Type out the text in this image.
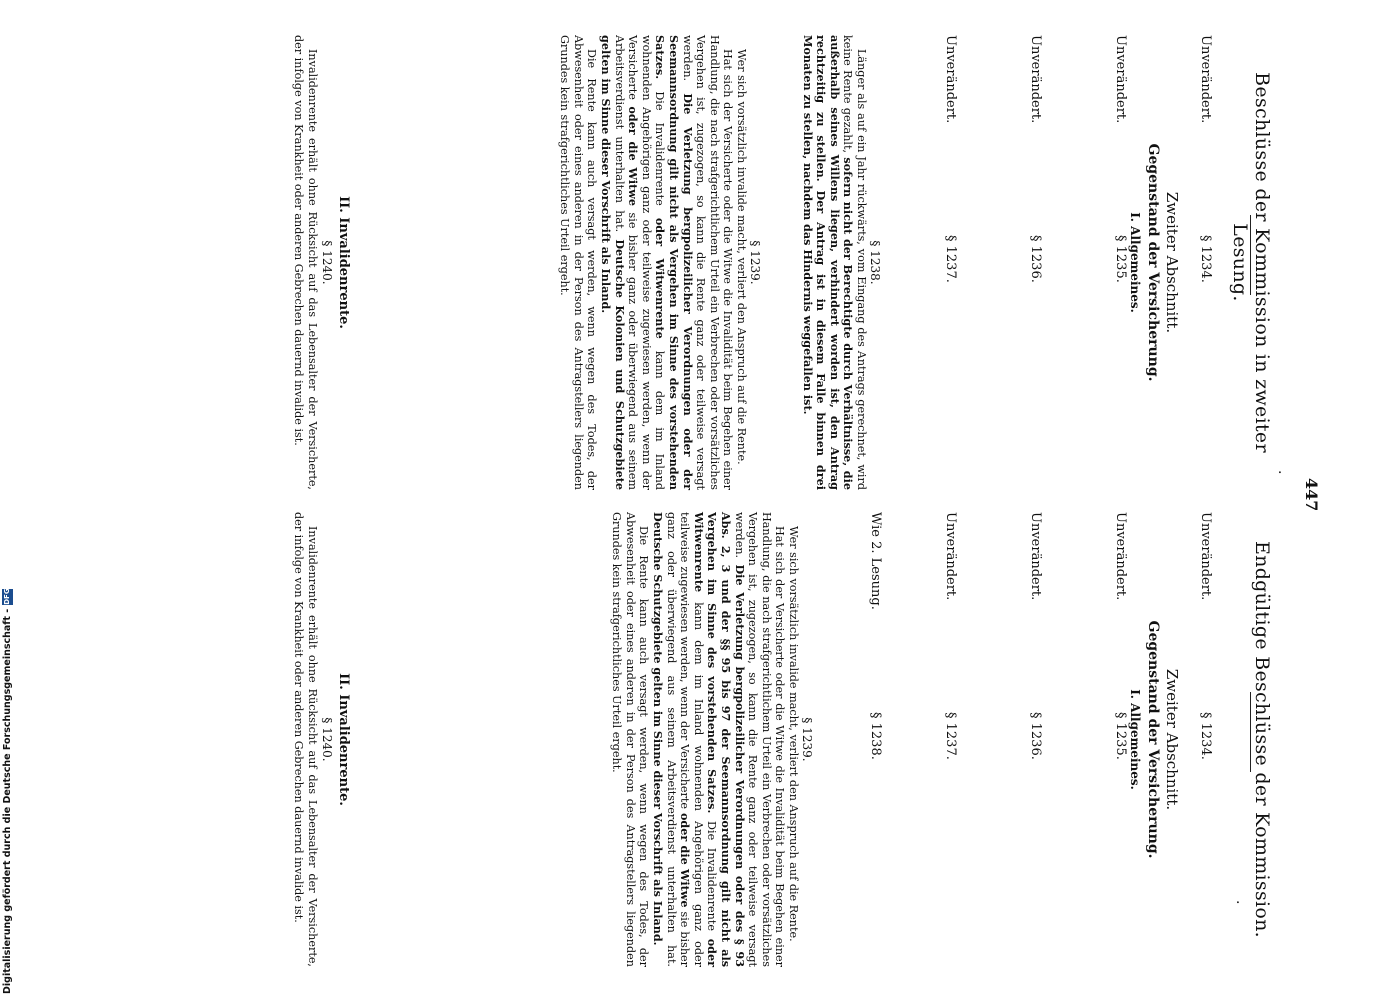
447
·
Beschlüsse der Kommission in zweiter Lesung.
Unverändert.
§ 1234.
Zweiter Abschnitt.
Gegenstand der Versicherung.
I. Allgemeines.
Unverändert.
§ 1235.
Unverändert.
§ 1236.
Unverändert.
§ 1237.
§ 1238.
Länger als auf ein Jahr rückwärts, vom Eingang des Antrags gerechnet, wird keine Rente gezahlt, sofern nicht der Berechtigte durch Verhältnisse, die außerhalb seines Willens liegen, verhindert worden ist, den Antrag rechtzeitig zu stellen. Der Antrag ist in diesem Falle binnen drei Monaten zu stellen, nachdem das Hindernis weggefallen ist.
§ 1239.
Wer sich vorsätzlich invalide macht, verliert den Anspruch auf die Rente.
Hat sich der Versicherte oder die Witwe die Invalidität beim Begehen einer Handlung, die nach strafgerichtlichem Urteil ein Verbrechen oder vorsätzliches Vergehen ist, zugezogen, so kann die Rente ganz oder teilweise versagt werden. Die Verletzung bergpolizeilicher Verordnungen oder der Seemannsordnung gilt nicht als Vergehen im Sinne des vorstehenden Satzes. Die Invalidenrente oder Witwenrente kann dem im Inland wohnenden Angehörigen ganz oder teilweise zugewiesen werden, wenn der Versicherte oder die Witwe sie bisher ganz oder überwiegend aus seinem Arbeitsverdienst unterhalten hat. Deutsche Kolonien und Schutzgebiete gelten im Sinne dieser Vorschrift als Inland.
Die Rente kann auch versagt werden, wenn wegen des Todes, der Abwesenheit oder eines anderen in der Person des Antragstellers liegenden Grundes kein strafgerichtliches Urteil ergeht.
II. Invalidenrente.
§ 1240.
Invalidenrente erhält ohne Rücksicht auf das Lebensalter der Versicherte, der infolge von Krankheit oder anderen Gebrechen dauernd invalide ist.
Endgültige Beschlüsse der Kommission.
Unverändert.
§ 1234.
Zweiter Abschnitt.
Gegenstand der Versicherung.
I. Allgemeines.
Unverändert.
§ 1235.
Unverändert.
§ 1236.
Unverändert.
§ 1237.
Wie 2. Lesung.
§ 1238.
§ 1239.
Wer sich vorsätzlich invalide macht, verliert den Anspruch auf die Rente.
Hat sich der Versicherte oder die Witwe die Invalidität beim Begehen einer Handlung, die nach strafgerichtlichem Urteil ein Verbrechen oder vorsätzliches Vergehen ist, zugezogen, so kann die Rente ganz oder teilweise versagt werden. Die Verletzung bergpolizeilicher Verordnungen oder des § 93 Abs. 2, 3 und der §§ 95 bis 97 der Seemannsordnung gilt nicht als Vergehen im Sinne des vorstehenden Satzes. Die Invalidenrente oder Witwenrente kann dem im Inland wohnenden Angehörigen ganz oder teilweise zugewiesen werden, wenn der Versicherte oder die Witwe sie bisher ganz oder überwiegend aus seinem Arbeitsverdienst unterhalten hat. Deutsche Schutzgebiete gelten im Sinne dieser Vorschrift als Inland.
Die Rente kann auch versagt werden, wenn wegen des Todes, der Abwesenheit oder eines anderen in der Person des Antragstellers liegenden Grundes kein strafgerichtliches Urteil ergeht.
II. Invalidenrente.
§ 1240.
Invalidenrente erhält ohne Rücksicht auf das Lebensalter der Versicherte, der infolge von Krankheit oder anderen Gebrechen dauernd invalide ist.	·
Digitalisierung gefördert durch die Deutsche Forschungsgemeinschaft -
DFG
